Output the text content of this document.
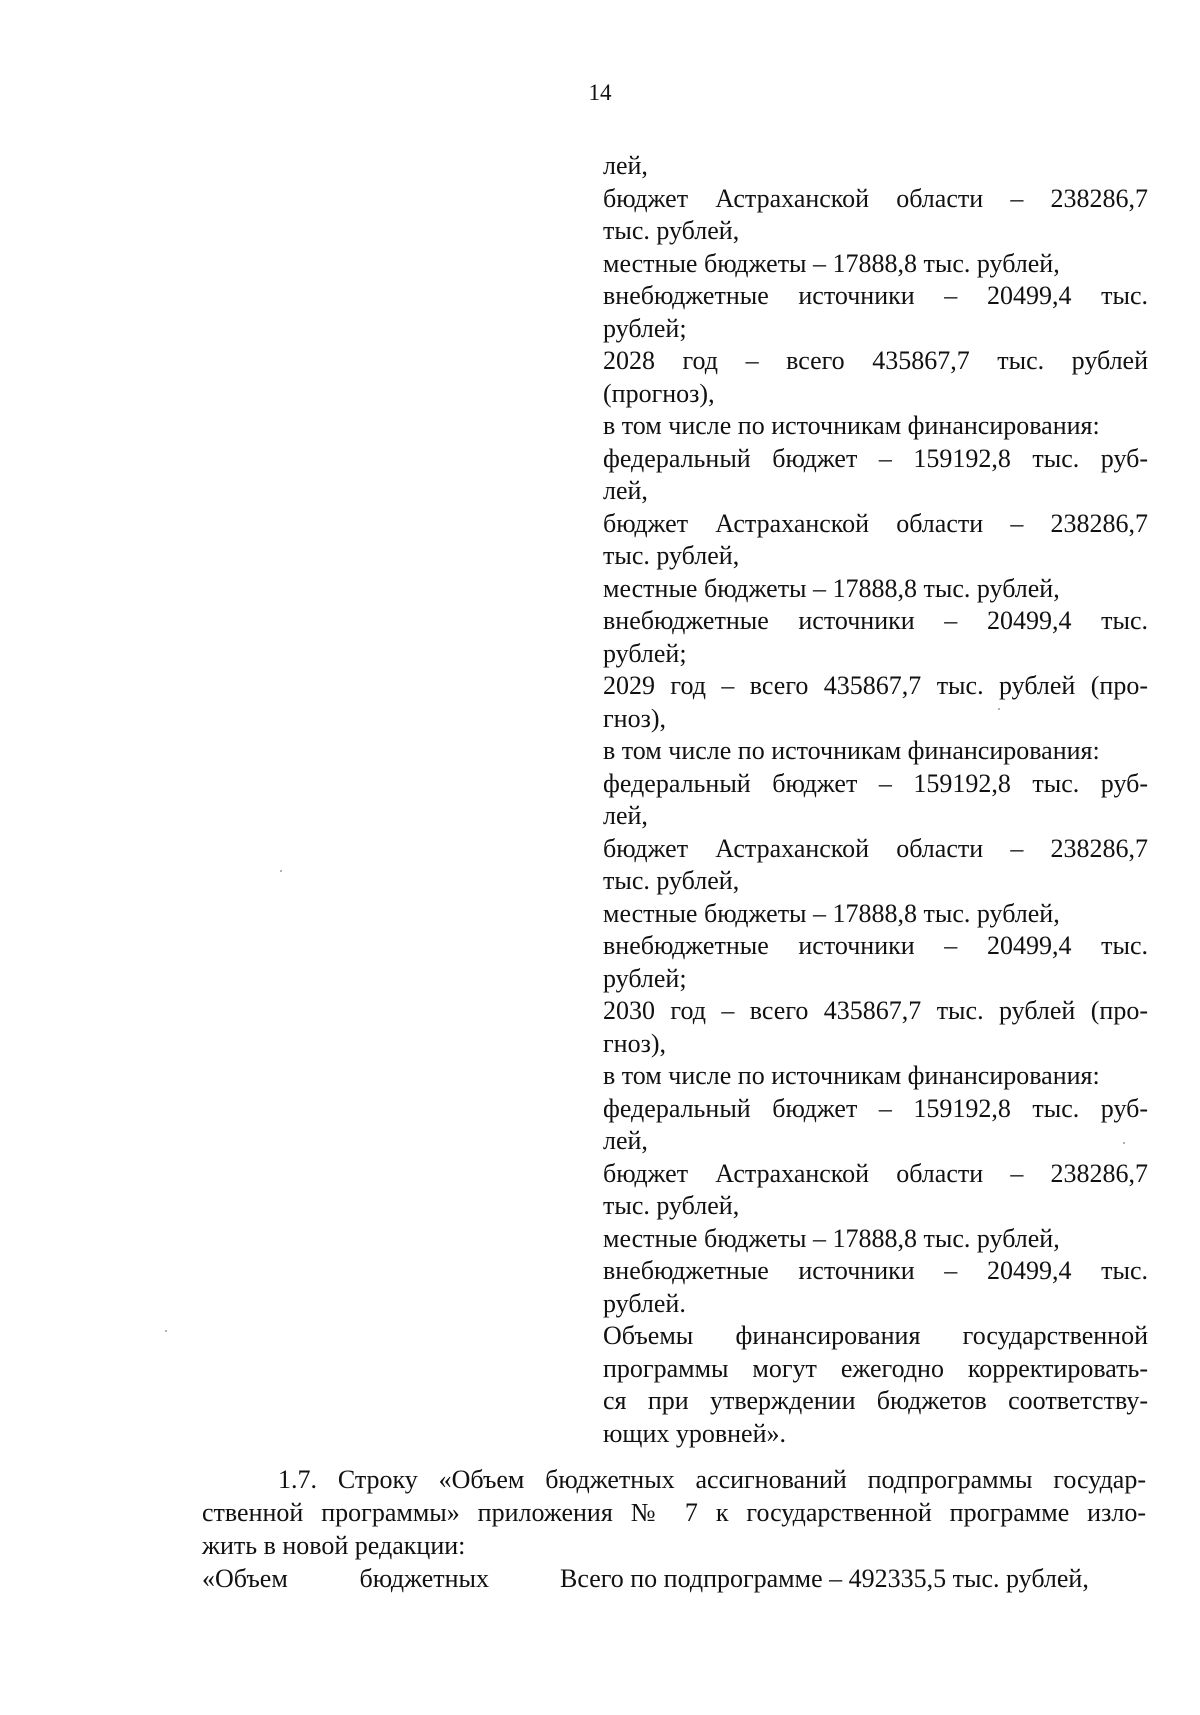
14
лей,
бюджет Астраханской области – 238286,7
тыс. рублей,
местные бюджеты – 17888,8 тыс. рублей,
внебюджетные источники – 20499,4 тыс.
рублей;
2028 год – всего 435867,7 тыс. рублей
(прогноз),
в том числе по источникам финансирования:
федеральный бюджет – 159192,8 тыс. руб-
лей,
бюджет Астраханской области – 238286,7
тыс. рублей,
местные бюджеты – 17888,8 тыс. рублей,
внебюджетные источники – 20499,4 тыс.
рублей;
2029 год – всего 435867,7 тыс. рублей (про-
гноз),
в том числе по источникам финансирования:
федеральный бюджет – 159192,8 тыс. руб-
лей,
бюджет Астраханской области – 238286,7
тыс. рублей,
местные бюджеты – 17888,8 тыс. рублей,
внебюджетные источники – 20499,4 тыс.
рублей;
2030 год – всего 435867,7 тыс. рублей (про-
гноз),
в том числе по источникам финансирования:
федеральный бюджет – 159192,8 тыс. руб-
лей,
бюджет Астраханской области – 238286,7
тыс. рублей,
местные бюджеты – 17888,8 тыс. рублей,
внебюджетные источники – 20499,4 тыс.
рублей.
Объемы финансирования государственной
программы могут ежегодно корректировать-
ся при утверждении бюджетов соответству-
ющих уровней».
1.7. Строку «Объем бюджетных ассигнований подпрограммы государ-
ственной программы» приложения № 7 к государственной программе изло-
жить в новой редакции:
«Объем бюджетных	Всего по подпрограмме – 492335,5 тыс. рублей,
